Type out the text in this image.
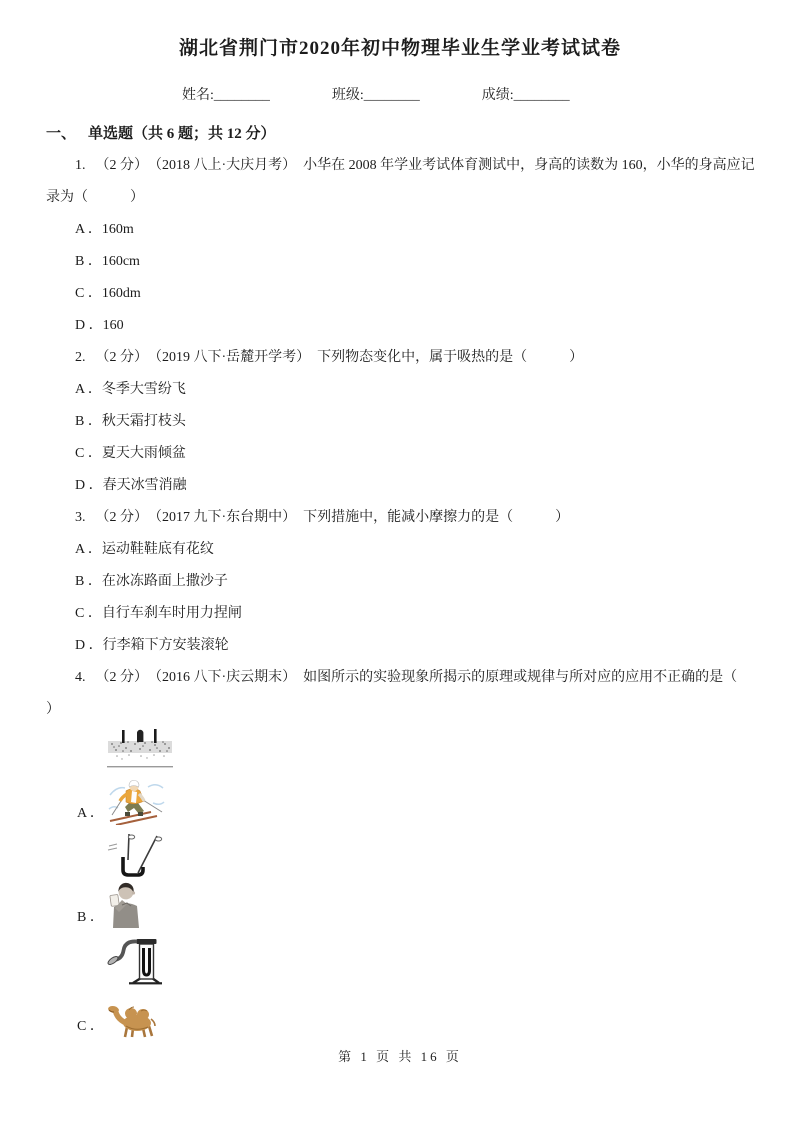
湖北省荆门市2020年初中物理毕业生学业考试试卷
姓名:________	班级:________	成绩:________

一、 单选题（共 6 题；共 12 分）

1. （2 分） （2018 八上·大庆月考） 小华在 2008 年学业考试体育测试中，身高的读数为 160，小华的身高应记录为（　　　）

A ．160m

B ．160cm

C ．160dm

D ．160

2. （2 分） （2019 八下·岳麓开学考） 下列物态变化中，属于吸热的是（　　　）

A ．冬季大雪纷飞

B ．秋天霜打枝头

C ．夏天大雨倾盆

D ．春天冰雪消融

3. （2 分） （2017 九下·东台期中） 下列措施中，能减小摩擦力的是（　　　）

A ．运动鞋鞋底有花纹

B ．在冰冻路面上撒沙子

C ．自行车刹车时用力捏闸

D ．行李箱下方安装滚轮

4. （2 分） （2016 八下·庆云期末） 如图所示的实验现象所揭示的原理或规律与所对应的应用不正确的是（

）

A ．
B ．
C ．
第 1 页 共 16 页
